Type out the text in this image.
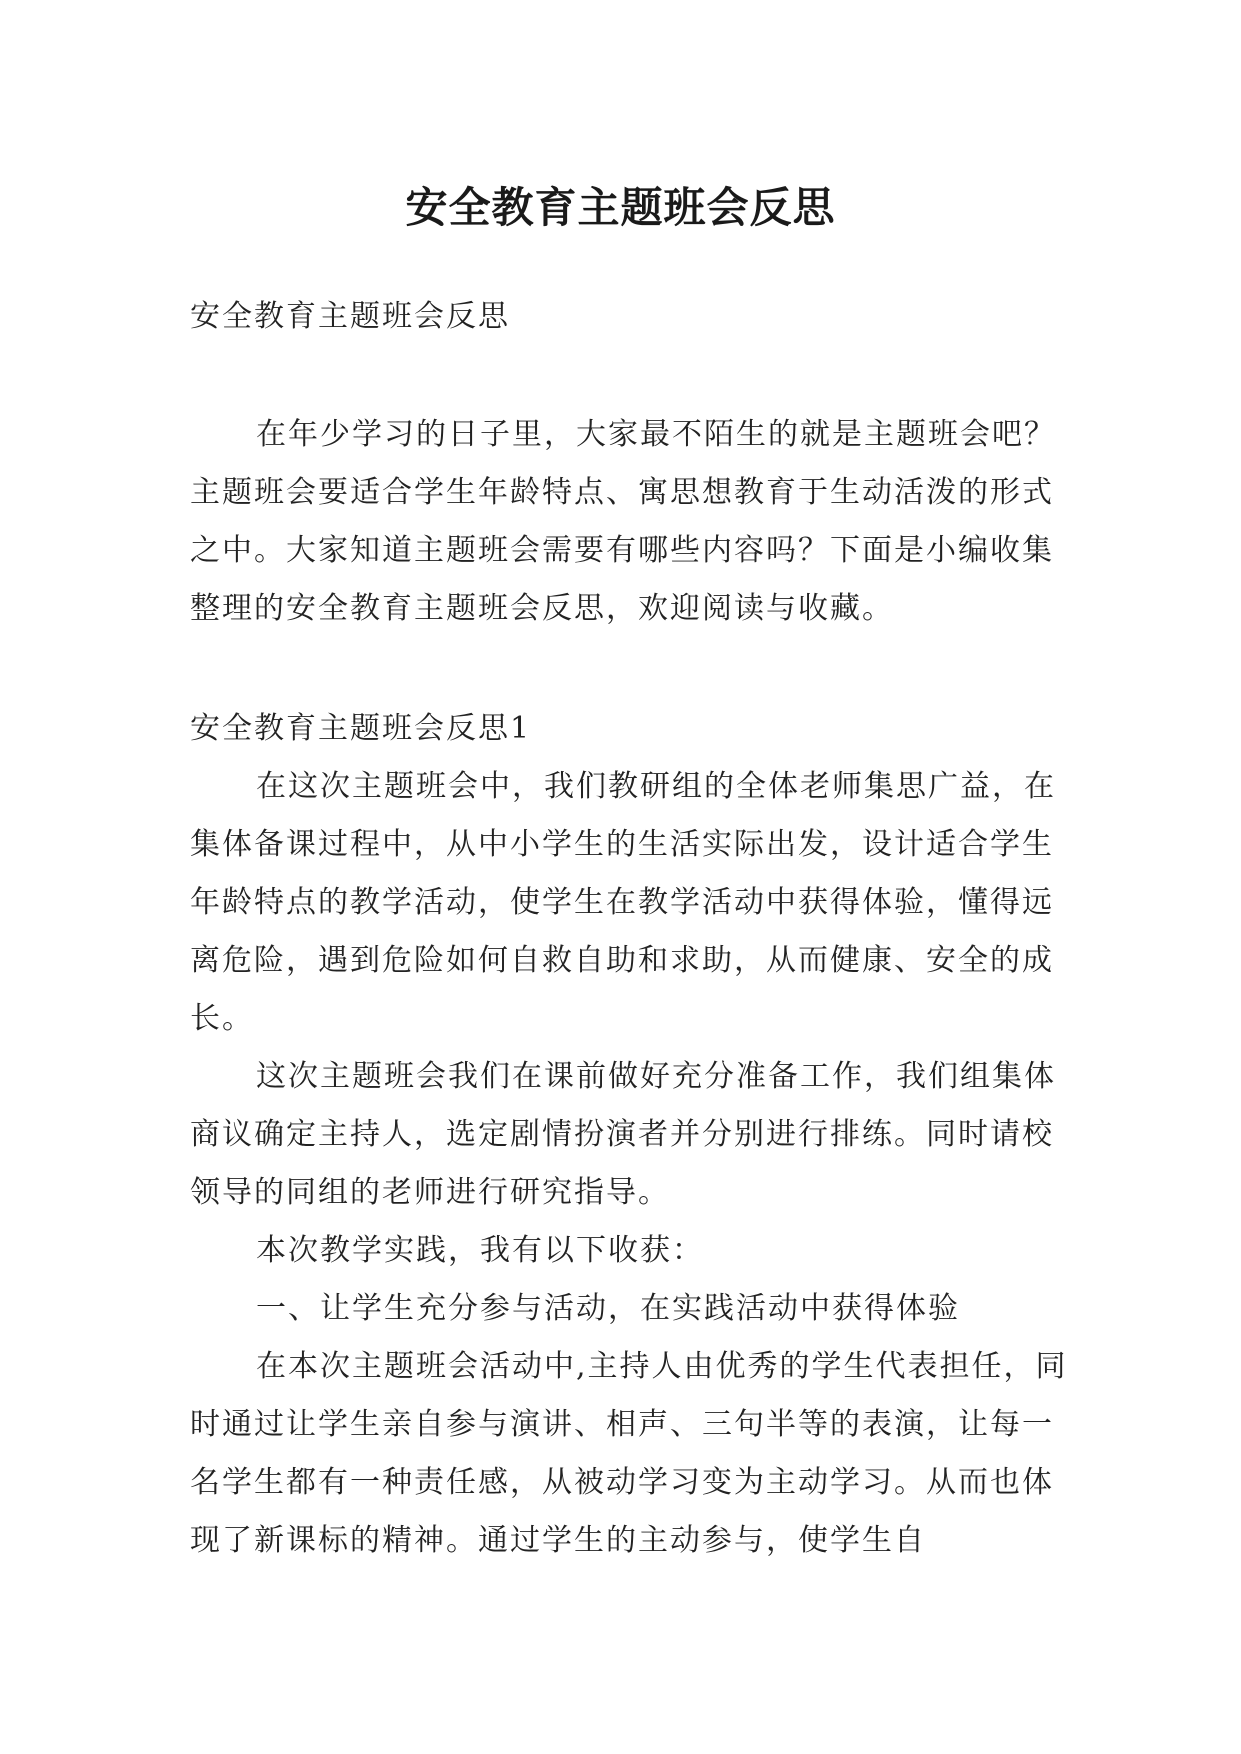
安全教育主题班会反思

安全教育主题班会反思

在年少学习的日子里，大家最不陌生的就是主题班会吧？主题班会要适合学生年龄特点、寓思想教育于生动活泼的形式之中。大家知道主题班会需要有哪些内容吗？下面是小编收集整理的安全教育主题班会反思，欢迎阅读与收藏。

安全教育主题班会反思1

在这次主题班会中，我们教研组的全体老师集思广益，在集体备课过程中，从中小学生的生活实际出发，设计适合学生年龄特点的教学活动，使学生在教学活动中获得体验，懂得远离危险，遇到危险如何自救自助和求助，从而健康、安全的成长。

这次主题班会我们在课前做好充分准备工作，我们组集体商议确定主持人，选定剧情扮演者并分别进行排练。同时请校领导的同组的老师进行研究指导。

本次教学实践，我有以下收获：

一、让学生充分参与活动，在实践活动中获得体验

在本次主题班会活动中,主持人由优秀的学生代表担任，同时通过让学生亲自参与演讲、相声、三句半等的表演，让每一名学生都有一种责任感，从被动学习变为主动学习。从而也体现了新课标的精神。通过学生的主动参与，使学生自
